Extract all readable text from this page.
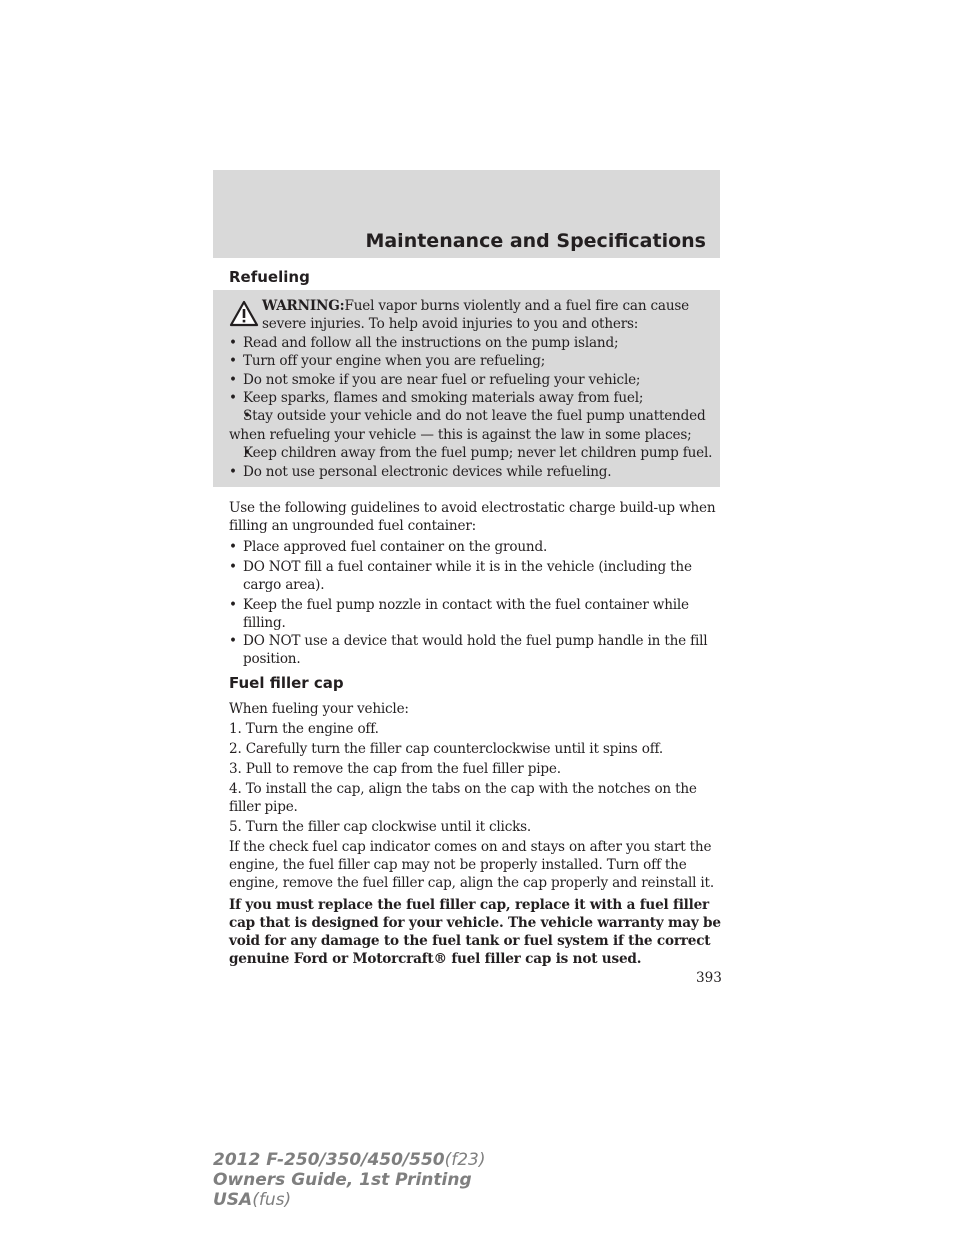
Maintenance and Specifications
Refueling
WARNING:Fuel vapor burns violently and a fuel fire can cause severe injuries. To help avoid injuries to you and others:
• Read and follow all the instructions on the pump island;
• Turn off your engine when you are refueling;
• Do not smoke if you are near fuel or refueling your vehicle;
• Keep sparks, flames and smoking materials away from fuel;
• Stay outside your vehicle and do not leave the fuel pump unattended when refueling your vehicle — this is against the law in some places;
• Keep children away from the fuel pump; never let children pump fuel.
• Do not use personal electronic devices while refueling.
Use the following guidelines to avoid electrostatic charge build-up when filling an ungrounded fuel container:
• Place approved fuel container on the ground.
• DO NOT fill a fuel container while it is in the vehicle (including the cargo area).
• Keep the fuel pump nozzle in contact with the fuel container while filling.
• DO NOT use a device that would hold the fuel pump handle in the fill position.
Fuel filler cap
When fueling your vehicle:
1. Turn the engine off.
2. Carefully turn the filler cap counterclockwise until it spins off.
3. Pull to remove the cap from the fuel filler pipe.
4. To install the cap, align the tabs on the cap with the notches on the filler pipe.
5. Turn the filler cap clockwise until it clicks.
If the check fuel cap indicator comes on and stays on after you start the engine, the fuel filler cap may not be properly installed. Turn off the engine, remove the fuel filler cap, align the cap properly and reinstall it.
If you must replace the fuel filler cap, replace it with a fuel filler cap that is designed for your vehicle. The vehicle warranty may be void for any damage to the fuel tank or fuel system if the correct genuine Ford or Motorcraft® fuel filler cap is not used.
393
2012 F-250/350/450/550(f23)
Owners Guide, 1st Printing
USA(fus)
